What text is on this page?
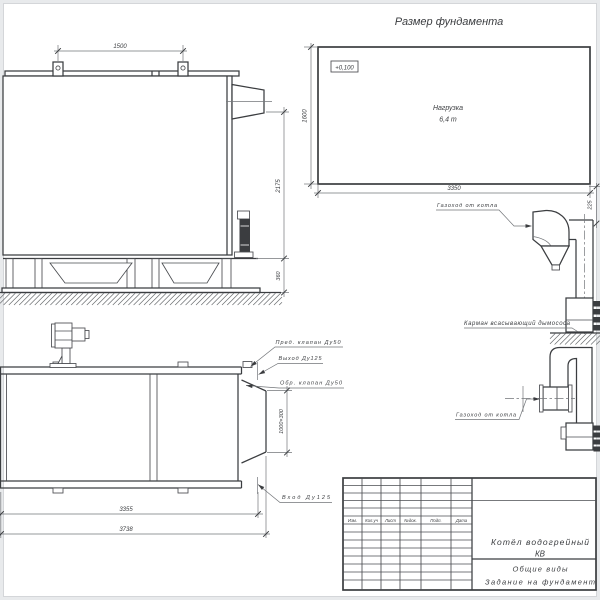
Размер фундамента
+0,100
Нагрузка
6,4 т
1600
3350
1500
2175
360
Пред. клапан Ду50
Выход Ду125
Обр. клапан Ду50
Вход Ду125
1000×300
3355
3738
Газоход от котла
Карман всасывающий дымососа
225
Газоход от котла
Изм. Кол.уч Лист №док.	Подп.	Дата
Котёл водогрейный
КВ
Общие виды
Задание на фундамент
